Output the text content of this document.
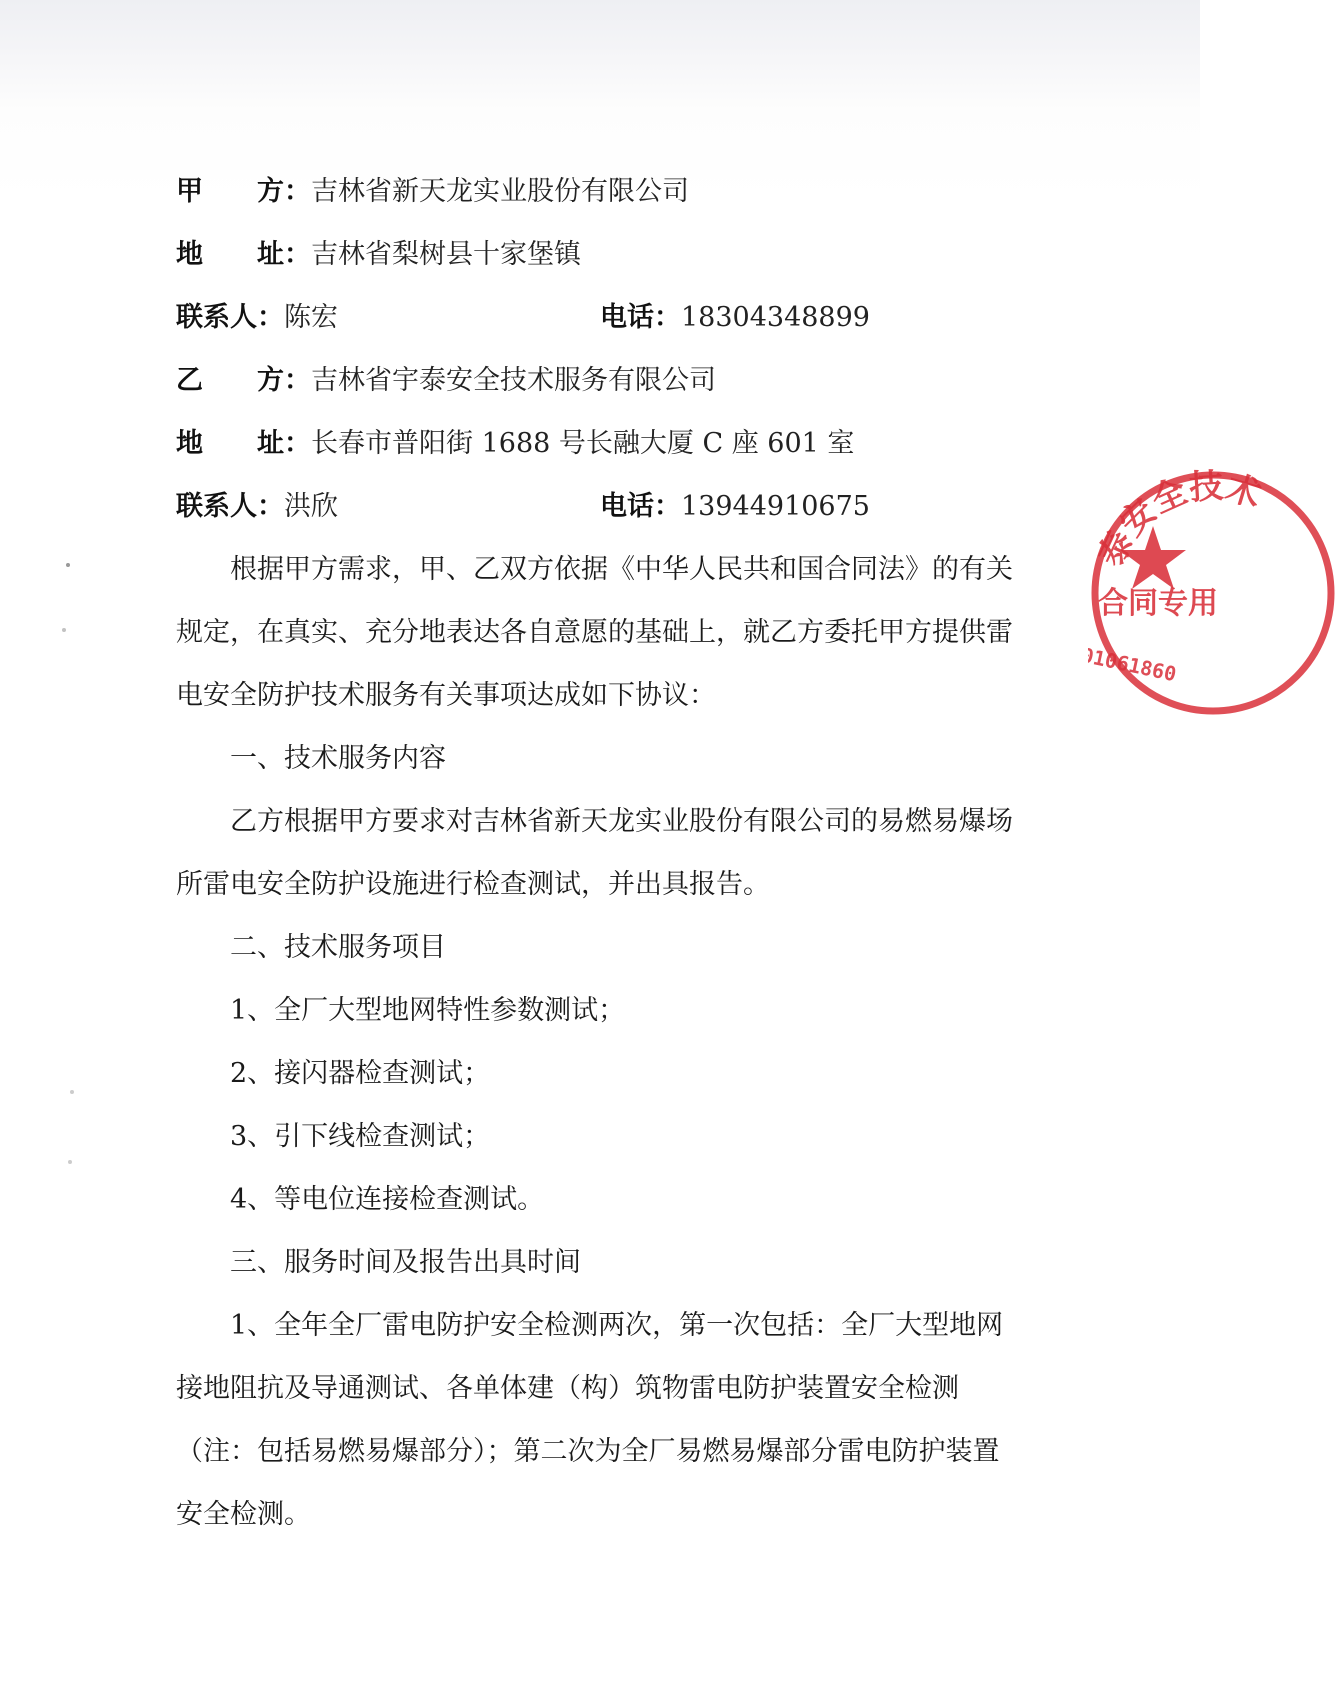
甲 方：吉林省新天龙实业股份有限公司
地 址：吉林省梨树县十家堡镇
联系人：陈宏	电话：18304348899
乙 方：吉林省宇泰安全技术服务有限公司
地 址：长春市普阳街 1688 号长融大厦 C 座 601 室
联系人：洪欣	电话：13944910675
根据甲方需求，甲、乙双方依据《中华人民共和国合同法》的有关规定，在真实、充分地表达各自意愿的基础上，就乙方委托甲方提供雷电安全防护技术服务有关事项达成如下协议：
一、技术服务内容
乙方根据甲方要求对吉林省新天龙实业股份有限公司的易燃易爆场所雷电安全防护设施进行检查测试，并出具报告。
二、技术服务项目
1、全厂大型地网特性参数测试；
2、接闪器检查测试；
3、引下线检查测试；
4、等电位连接检查测试。
三、服务时间及报告出具时间
1、全年全厂雷电防护安全检测两次，第一次包括：全厂大型地网接地阻抗及导通测试、各单体建（构）筑物雷电防护装置安全检测（注：包括易燃易爆部分）；第二次为全厂易燃易爆部分雷电防护装置安全检测。
泰安全技术
合同专用
2201061860
